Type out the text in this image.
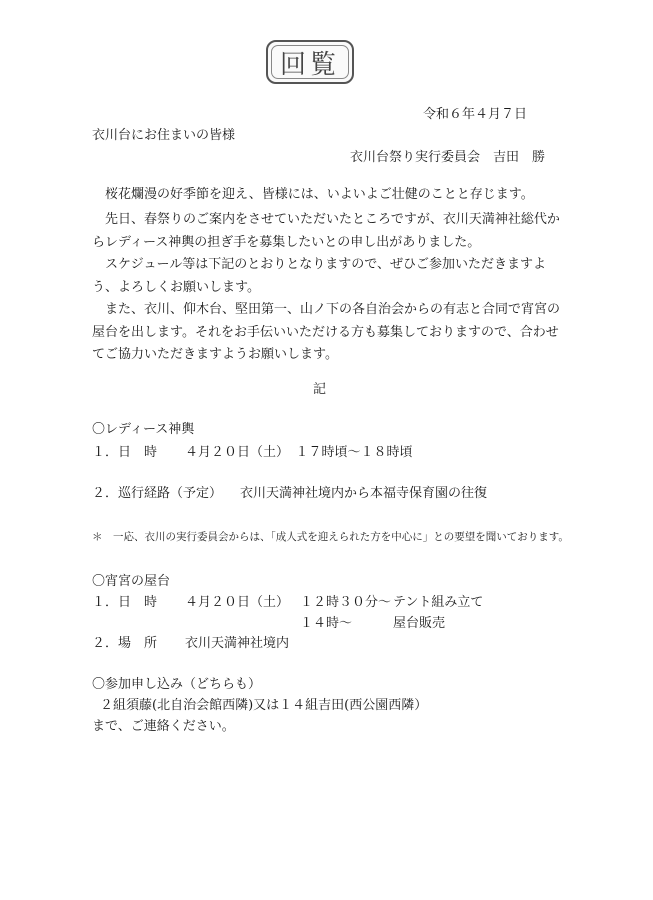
回覧
令和６年４月７日
衣川台にお住まいの皆様
衣川台祭り実行委員会　吉田　勝
桜花爛漫の好季節を迎え、皆様には、いよいよご壮健のことと存じます。
先日、春祭りのご案内をさせていただいたところですが、衣川天満神社総代からレディース神輿の担ぎ手を募集したいとの申し出がありました。
スケジュール等は下記のとおりとなりますので、ぜひご参加いただきますよう、よろしくお願いします。
また、衣川、仰木台、堅田第一、山ノ下の各自治会からの有志と合同で宵宮の屋台を出します。それをお手伝いいただける方も募集しておりますので、合わせてご協力いただきますようお願いします。
記
〇レディース神輿
１．日　時 ４月２０日（土）　１７時頃〜１８時頃
２．巡行経路（予定） 衣川天満神社境内から本福寺保育園の往復
＊　一応、衣川の実行委員会からは、「成人式を迎えられた方を中心に」との要望を聞いております。
〇宵宮の屋台
１．日　時 ４月２０日（土） １２時３０分〜 テント組み立て
１４時〜	屋台販売
２．場　所 衣川天満神社境内
〇参加申し込み（どちらも）
２組須藤(北自治会館西隣)又は１４組吉田(西公園西隣）
まで、ご連絡ください。
